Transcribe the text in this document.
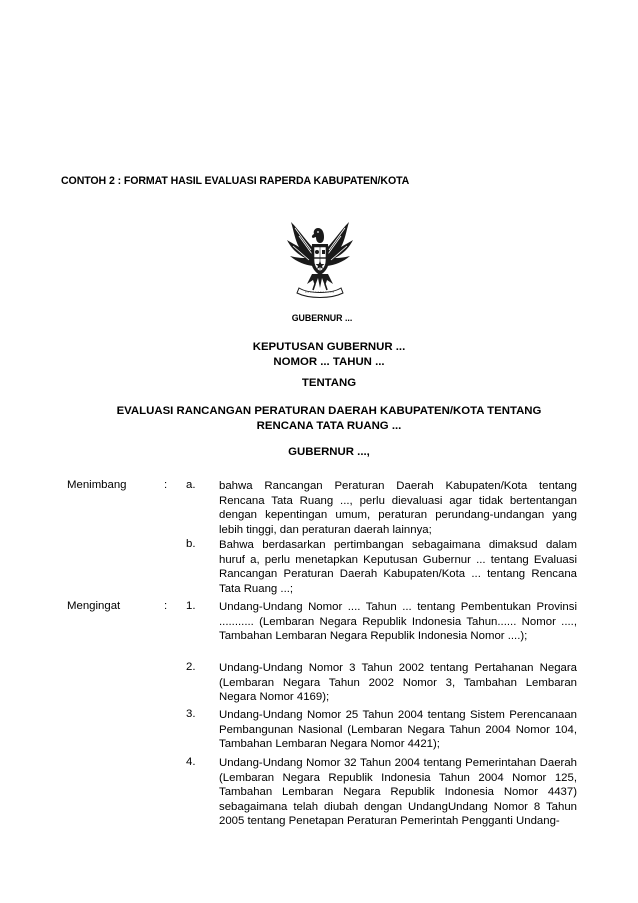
CONTOH 2 : FORMAT HASIL EVALUASI RAPERDA KABUPATEN/KOTA
GUBERNUR ...
KEPUTUSAN GUBERNUR ...
NOMOR ... TAHUN ...
TENTANG
EVALUASI RANCANGAN PERATURAN DAERAH KABUPATEN/KOTA TENTANG
RENCANA TATA RUANG ...
GUBERNUR ...,
Menimbang	: a. bahwa Rancangan Peraturan Daerah Kabupaten/Kota tentang Rencana Tata Ruang ..., perlu dievaluasi agar tidak bertentangan dengan kepentingan umum, peraturan perundang-undangan yang lebih tinggi, dan peraturan daerah lainnya;
b. Bahwa berdasarkan pertimbangan sebagaimana dimaksud dalam huruf a, perlu menetapkan Keputusan Gubernur ... tentang Evaluasi Rancangan Peraturan Daerah Kabupaten/Kota ... tentang Rencana Tata Ruang ...;
Mengingat	: 1. Undang-Undang Nomor .... Tahun ... tentang Pembentukan Provinsi ........... (Lembaran Negara Republik Indonesia Tahun...... Nomor ...., Tambahan Lembaran Negara Republik Indonesia Nomor ....);
2. Undang-Undang Nomor 3 Tahun 2002 tentang Pertahanan Negara (Lembaran Negara Tahun 2002 Nomor 3, Tambahan Lembaran Negara Nomor 4169);
3. Undang-Undang Nomor 25 Tahun 2004 tentang Sistem Perencanaan Pembangunan Nasional (Lembaran Negara Tahun 2004 Nomor 104, Tambahan Lembaran Negara Nomor 4421);
4. Undang-Undang Nomor 32 Tahun 2004 tentang Pemerintahan Daerah (Lembaran Negara Republik Indonesia Tahun 2004 Nomor 125, Tambahan Lembaran Negara Republik Indonesia Nomor 4437) sebagaimana telah diubah dengan UndangUndang Nomor 8 Tahun 2005 tentang Penetapan Peraturan Pemerintah Pengganti Undang-
